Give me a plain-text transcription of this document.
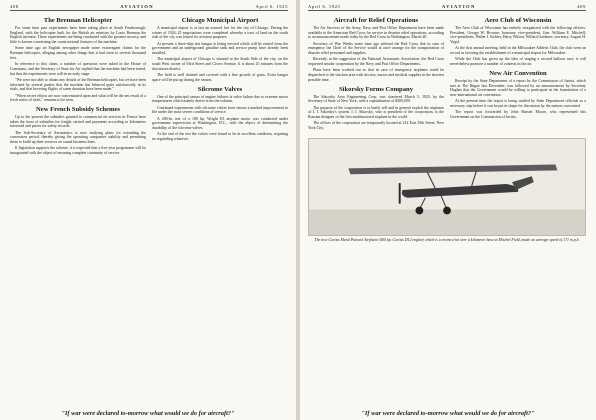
408	AVIATION	April 6, 1925
The Brennan Helicopter

For some time past experiments have been taking place at South Farnborough, England, with the helicopter built for the British air ministry by Louis Brennan the English inventor. These experiments are being conducted with the greatest secrecy, and little is known concerning the constructional features of the machine.

Some time ago an English newspaper made some extravagant claims for the Brennan helicopter, alleging among other things that it had risen to several thousand feet.

In reference to this claim, a number of questions were asked in the House of Commons, and the Secretary of State for Air replied that the machine had been tested, but that the experiments were still in an early stage.

"We were not able to obtain any details of the Brennan helicopter, but we have been informed by several parties that the machine has behaved quite satisfactorily in its trials, and that hovering flights of some duration have been made."

"When secret efforts are now concentrated upon and what will be the net result of a fresh series of trials," remains to be seen.

New French Subsidy Schemes

Up to the present the subsidies granted to commercial air services in France have taken the form of subsidies for freight carried and payments according to kilometers traversed and prizes for safety records.

The Sub-Secretary of Aeronautics is now studying plans for extending the concession period, thereby giving the operating companies stability and permitting them to build up their services on sound business lines.

If legislation supports the scheme, it is expected that a five-year programme will be inaugurated with the object of ensuring complete continuity of service.

Chicago Municipal Airport

A municipal airport is at last an assured fact for the city of Chicago. During the winter of 1924–25 negotiations were completed whereby a tract of land on the south side of the city was leased for aviation purposes.

At present a three-ship test hangar is being erected which will be rented from the government and an underground gasoline tank and service pump have already been installed.

The municipal airport of Chicago is situated at the South Side of the city, on the south West corner of 63rd Street and Cicero Avenue. It is about 25 minutes from the downtown district.

The field is well drained and covered with a fine growth of grass. Extra hangar space will be put up during the season.

Silcrome Valves

One of the principal causes of engine failures is valve failure due to extreme motor temperatures which mainly derive from the exhaust.

Continued experiments with silcrome valves have shown a marked improvement in life under the most severe conditions of service.

A 200-hr. test of a 180 hp. Wright E3 airplane motor was conducted under government supervision at Washington, D.C., with the object of determining the durability of the silcrome valves.

At the end of the test the valves were found to be in excellent condition, requiring no regrinding whatever.

"If war were declared to-morrow what would we do for aircraft?"
April 6, 1925	AVIATION	409
Aircraft for Relief Operations

The Air Services of the Army, Navy and Post Office Department have been made available to the American Red Cross for service in disaster relief operations, according to an announcement made today by the Red Cross in Washington, March 20.

Secretary of War Weeks some time ago advised the Red Cross that in case of emergency the Chief of Air Service would at once arrange for the transportation of disaster relief personnel and supplies.

Recently, at the suggestion of the National Aeronautic Association, the Red Cross requested similar cooperation by the Navy and Post Office Departments.

Plans have been worked out so that in case of emergency airplanes could be dispatched to the stricken area with doctors, nurses and medical supplies in the shortest possible time.

Sikorsky Forms Company

The Sikorsky Aero Engineering Corp. was chartered March 5, 1925, by the Secretary of State of New York, with a capitalization of $200,000.

The purpose of the corporation is to build, sell and in general exploit the airplanes of I. I. Sikorsky's system. I. I. Sikorsky, who is president of the corporation, is the Russian designer of the first multimotored airplane in the world.

The offices of the corporation are temporarily located at 214 East 29th Street, New York City.

Aero Club of Wisconsin

The Aero Club of Wisconsin has entirely reorganized with the following officers: President, George W. Browne; honorary vice-president, Gen. William E. Mitchell; vice-presidents, Walter J. Kohler, Harry Wilson, Willard Gardiner; secretary, August H. Vogel.

At the first annual meeting, held in the Milwaukee Athletic Club, the club went on record as favoring the establishment of a municipal airport for Milwaukee.

While the Club has given up the idea of staging a second balloon race, it will nevertheless promote a number of contests in the air.

New Air Convention

Receipt by the State Department of a report by the Commission of Jurists, which met at The Hague last December, was followed by an announcement by Secretary Hughes that the Government would be willing to participate in the formulation of a new international air convention.

At the present time the report is being studied by State Department officials as a necessary step before it can be put in shape for discussion by the nations concerned.

The report was forwarded by John Bassett Moore, who represented this Government on the Commission of Jurists.

The new Curtiss Metal Parasol Airplane (400 hp. Curtiss D12 engine) which is a recent trial over a kilometer base at Mitchel Field, made an average speed of 171 m.p.h.
"If war were declared to-morrow what would we do for aircraft?"
